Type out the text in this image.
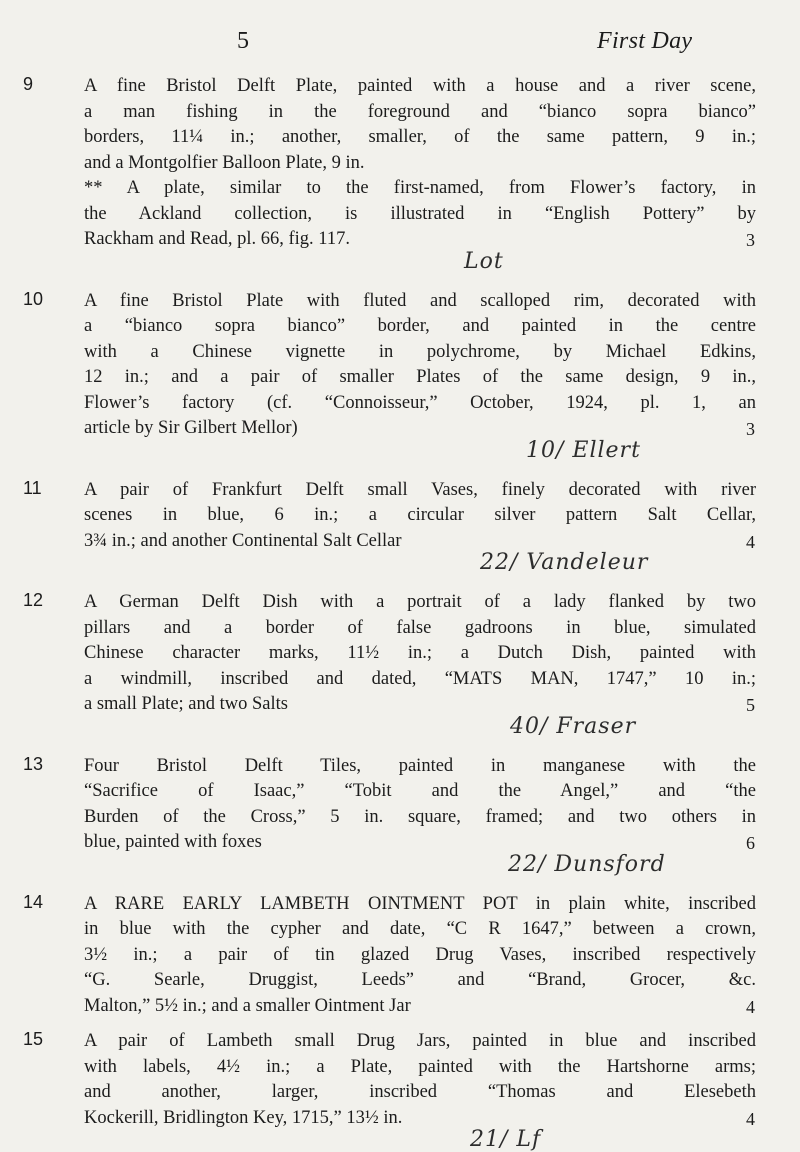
5	First Day
9	A fine Bristol Delft Plate, painted with a house and a river scene,
a man fishing in the foreground and “bianco sopra bianco”
borders, 11¼ in.; another, smaller, of the same pattern, 9 in.;
and a Montgolfier Balloon Plate, 9 in.
** A plate, similar to the first-named, from Flower’s factory, in
the Ackland collection, is illustrated in “English Pottery” by
Rackham and Read, pl. 66, fig. 117.	3
Lot
10 A fine Bristol Plate with fluted and scalloped rim, decorated with
a “bianco sopra bianco” border, and painted in the centre
with a Chinese vignette in polychrome, by Michael Edkins,
12 in.; and a pair of smaller Plates of the same design, 9 in.,
Flower’s factory (cf. “Connoisseur,” October, 1924, pl. 1, an
article by Sir Gilbert Mellor)	3
10/ Ellert
11 A pair of Frankfurt Delft small Vases, finely decorated with river
scenes in blue, 6 in.; a circular silver pattern Salt Cellar,
3¾ in.; and another Continental Salt Cellar	4
22/ Vandeleur
12 A German Delft Dish with a portrait of a lady flanked by two
pillars and a border of false gadroons in blue, simulated
Chinese character marks, 11½ in.; a Dutch Dish, painted with
a windmill, inscribed and dated, “MATS MAN, 1747,” 10 in.;
a small Plate; and two Salts	5
40/ Fraser
13 Four Bristol Delft Tiles, painted in manganese with the
“Sacrifice of Isaac,” “Tobit and the Angel,” and “the
Burden of the Cross,” 5 in. square, framed; and two others in
blue, painted with foxes	6
22/ Dunsford
14 A RARE EARLY LAMBETH OINTMENT POT in plain white, inscribed
in blue with the cypher and date, “C R 1647,” between a crown,
3½ in.; a pair of tin glazed Drug Vases, inscribed respectively
“G. Searle, Druggist, Leeds” and “Brand, Grocer, &c.
Malton,” 5½ in.; and a smaller Ointment Jar	4
15 A pair of Lambeth small Drug Jars, painted in blue and inscribed
with labels, 4½ in.; a Plate, painted with the Hartshorne arms;
and another, larger, inscribed “Thomas and Elesebeth
Kockerill, Bridlington Key, 1715,” 13½ in.	4
21/ Lf
